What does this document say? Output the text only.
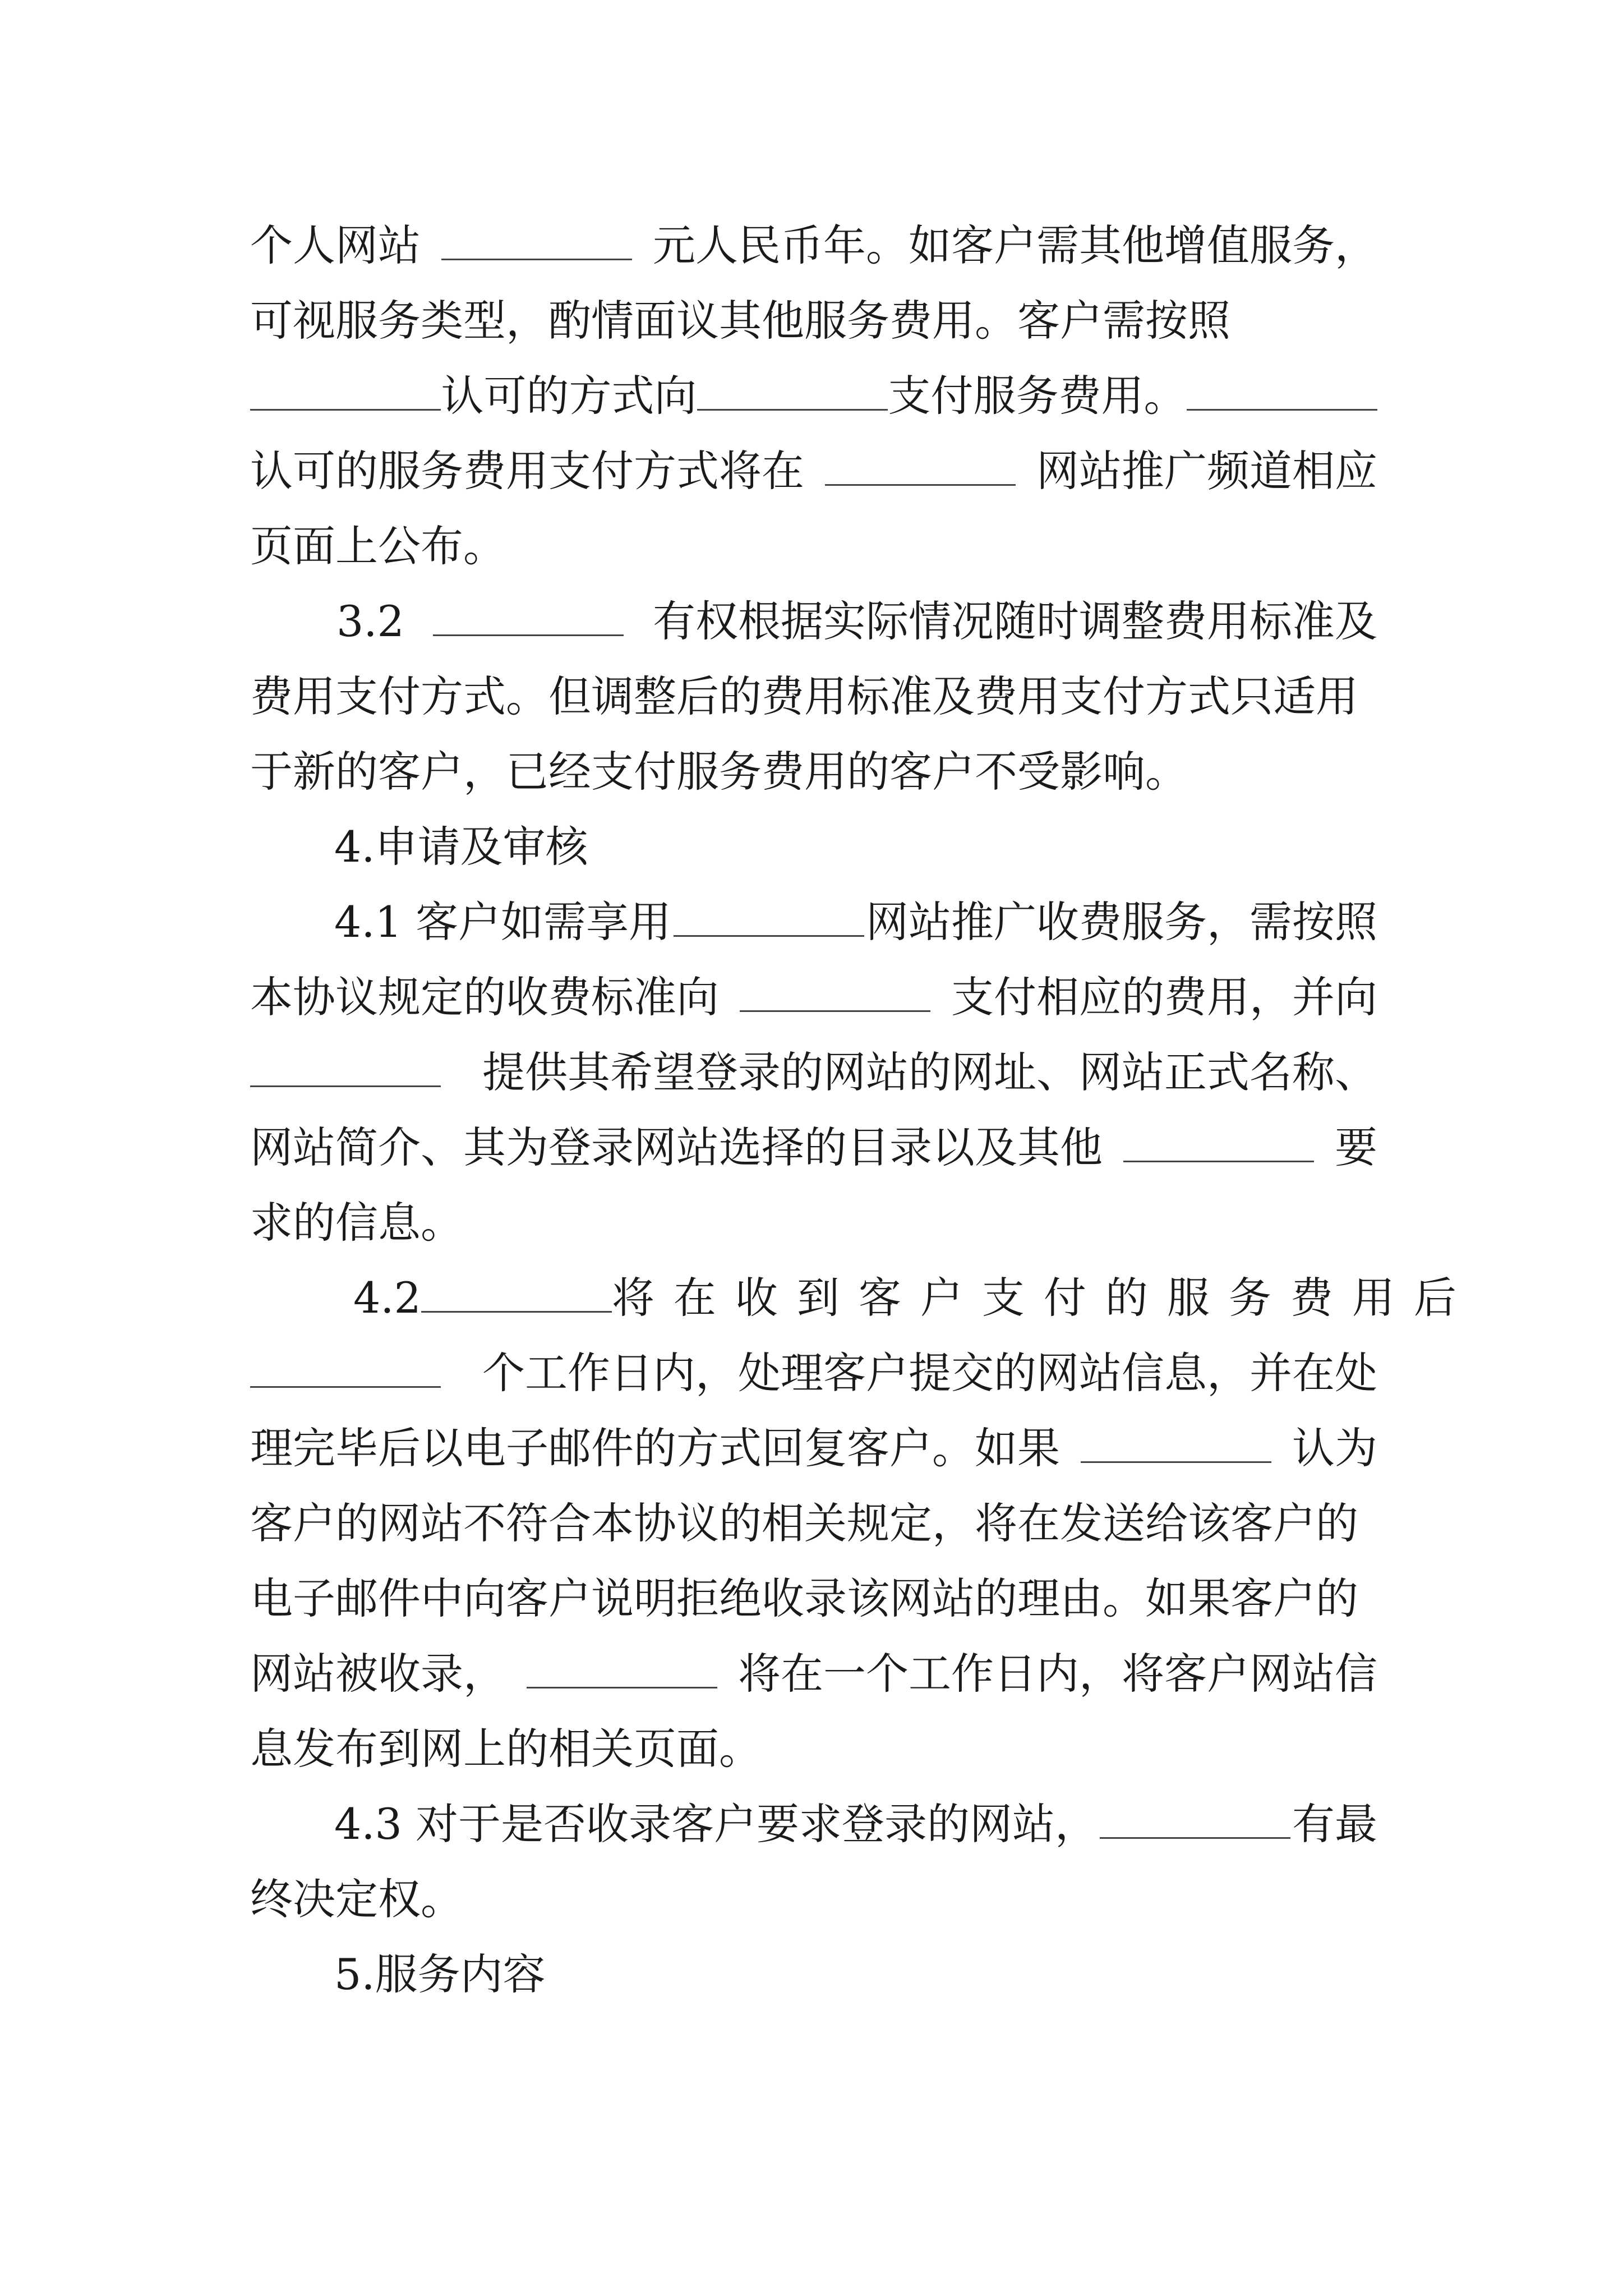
个人网站	元人民币年。如客户需其他增值服务，
可视服务类型，酌情面议其他服务费用。客户需按照
认可的方式向	支付服务费用。
认可的服务费用支付方式将在	网站推广频道相应
页面上公布。
3.2	有权根据实际情况随时调整费用标准及
费用支付方式。但调整后的费用标准及费用支付方式只适用
于新的客户，已经支付服务费用的客户不受影响。
4.申请及审核
4.1 客户如需享用	网站推广收费服务，需按照
本协议规定的收费标准向	支付相应的费用，并向
提供其希望登录的网站的网址、网站正式名称、
网站简介、其为登录网站选择的目录以及其他	要
求的信息。
4.2	将在收到客户支付的服务费用后
个工作日内，处理客户提交的网站信息，并在处
理完毕后以电子邮件的方式回复客户。如果	认为
客户的网站不符合本协议的相关规定，将在发送给该客户的
电子邮件中向客户说明拒绝收录该网站的理由。如果客户的
网站被收录，	将在一个工作日内，将客户网站信
息发布到网上的相关页面。
4.3 对于是否收录客户要求登录的网站，	有最
终决定权。
5.服务内容
